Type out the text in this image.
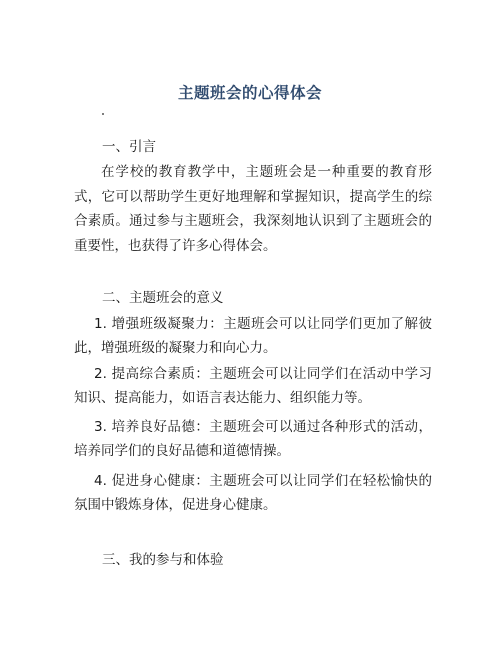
主题班会的心得体会
一、引言
在学校的教育教学中，主题班会是一种重要的教育形式，它可以帮助学生更好地理解和掌握知识，提高学生的综合素质。通过参与主题班会，我深刻地认识到了主题班会的重要性，也获得了许多心得体会。
二、主题班会的意义
1. 增强班级凝聚力：主题班会可以让同学们更加了解彼此，增强班级的凝聚力和向心力。
2. 提高综合素质：主题班会可以让同学们在活动中学习知识、提高能力，如语言表达能力、组织能力等。
3. 培养良好品德：主题班会可以通过各种形式的活动，培养同学们的良好品德和道德情操。
4. 促进身心健康：主题班会可以让同学们在轻松愉快的氛围中锻炼身体，促进身心健康。
三、我的参与和体验
